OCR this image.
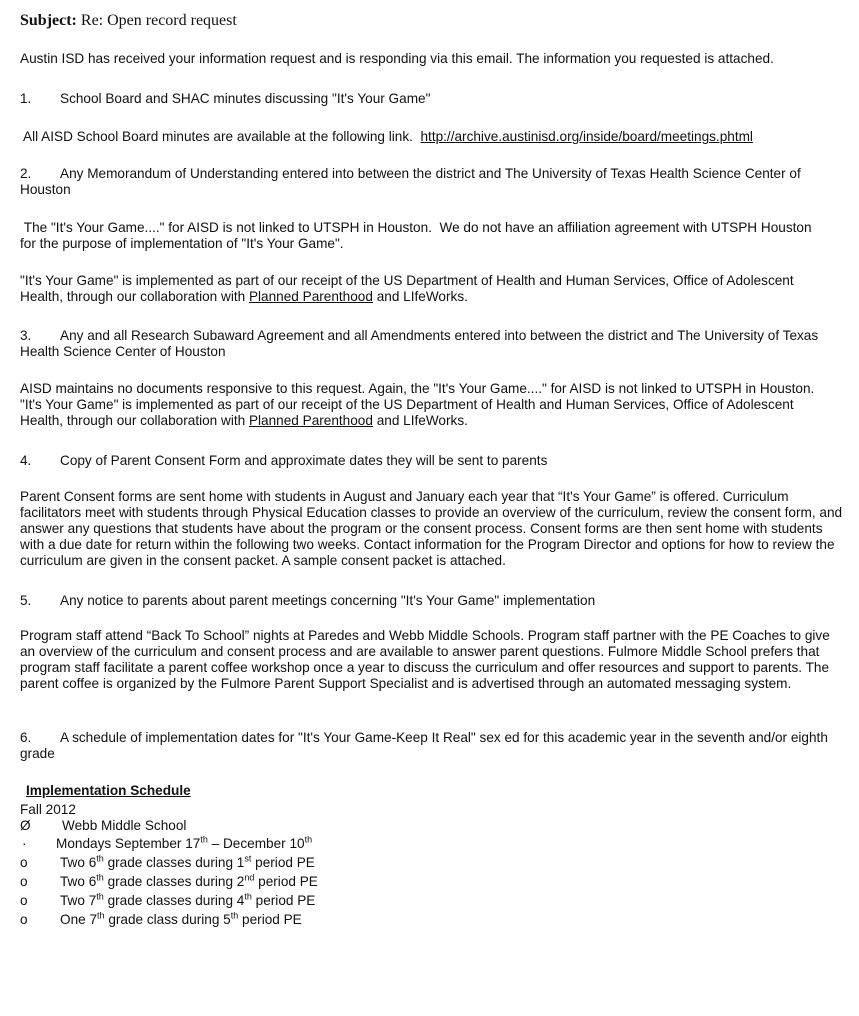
Subject: Re: Open record request
Austin ISD has received your information request and is responding via this email. The information you requested is attached.
1. School Board and SHAC minutes discussing "It's Your Game"
All AISD School Board minutes are available at the following link.  http://archive.austinisd.org/inside/board/meetings.phtml
2. Any Memorandum of Understanding entered into between the district and The University of Texas Health Science Center of Houston
The "It's Your Game...." for AISD is not linked to UTSPH in Houston.  We do not have an affiliation agreement with UTSPH Houston for the purpose of implementation of "It's Your Game".
"It's Your Game" is implemented as part of our receipt of the US Department of Health and Human Services, Office of Adolescent Health, through our collaboration with Planned Parenthood and LIfeWorks.
3. Any and all Research Subaward Agreement and all Amendments entered into between the district and The University of Texas Health Science Center of Houston
AISD maintains no documents responsive to this request. Again, the "It's Your Game...." for AISD is not linked to UTSPH in Houston. "It's Your Game" is implemented as part of our receipt of the US Department of Health and Human Services, Office of Adolescent Health, through our collaboration with Planned Parenthood and LIfeWorks.
4. Copy of Parent Consent Form and approximate dates they will be sent to parents
Parent Consent forms are sent home with students in August and January each year that “It's Your Game” is offered. Curriculum facilitators meet with students through Physical Education classes to provide an overview of the curriculum, review the consent form, and answer any questions that students have about the program or the consent process. Consent forms are then sent home with students with a due date for return within the following two weeks. Contact information for the Program Director and options for how to review the curriculum are given in the consent packet. A sample consent packet is attached.
5. Any notice to parents about parent meetings concerning "It's Your Game" implementation
Program staff attend “Back To School” nights at Paredes and Webb Middle Schools. Program staff partner with the PE Coaches to give an overview of the curriculum and consent process and are available to answer parent questions. Fulmore Middle School prefers that program staff facilitate a parent coffee workshop once a year to discuss the curriculum and offer resources and support to parents. The parent coffee is organized by the Fulmore Parent Support Specialist and is advertised through an automated messaging system.
6. A schedule of implementation dates for "It's Your Game-Keep It Real" sex ed for this academic year in the seventh and/or eighth grade
Implementation Schedule
Fall 2012
Ø	Webb Middle School
·	Mondays September 17th – December 10th
o	Two 6th grade classes during 1st period PE
o	Two 6th grade classes during 2nd period PE
o	Two 7th grade classes during 4th period PE
o	One 7th grade class during 5th period PE
